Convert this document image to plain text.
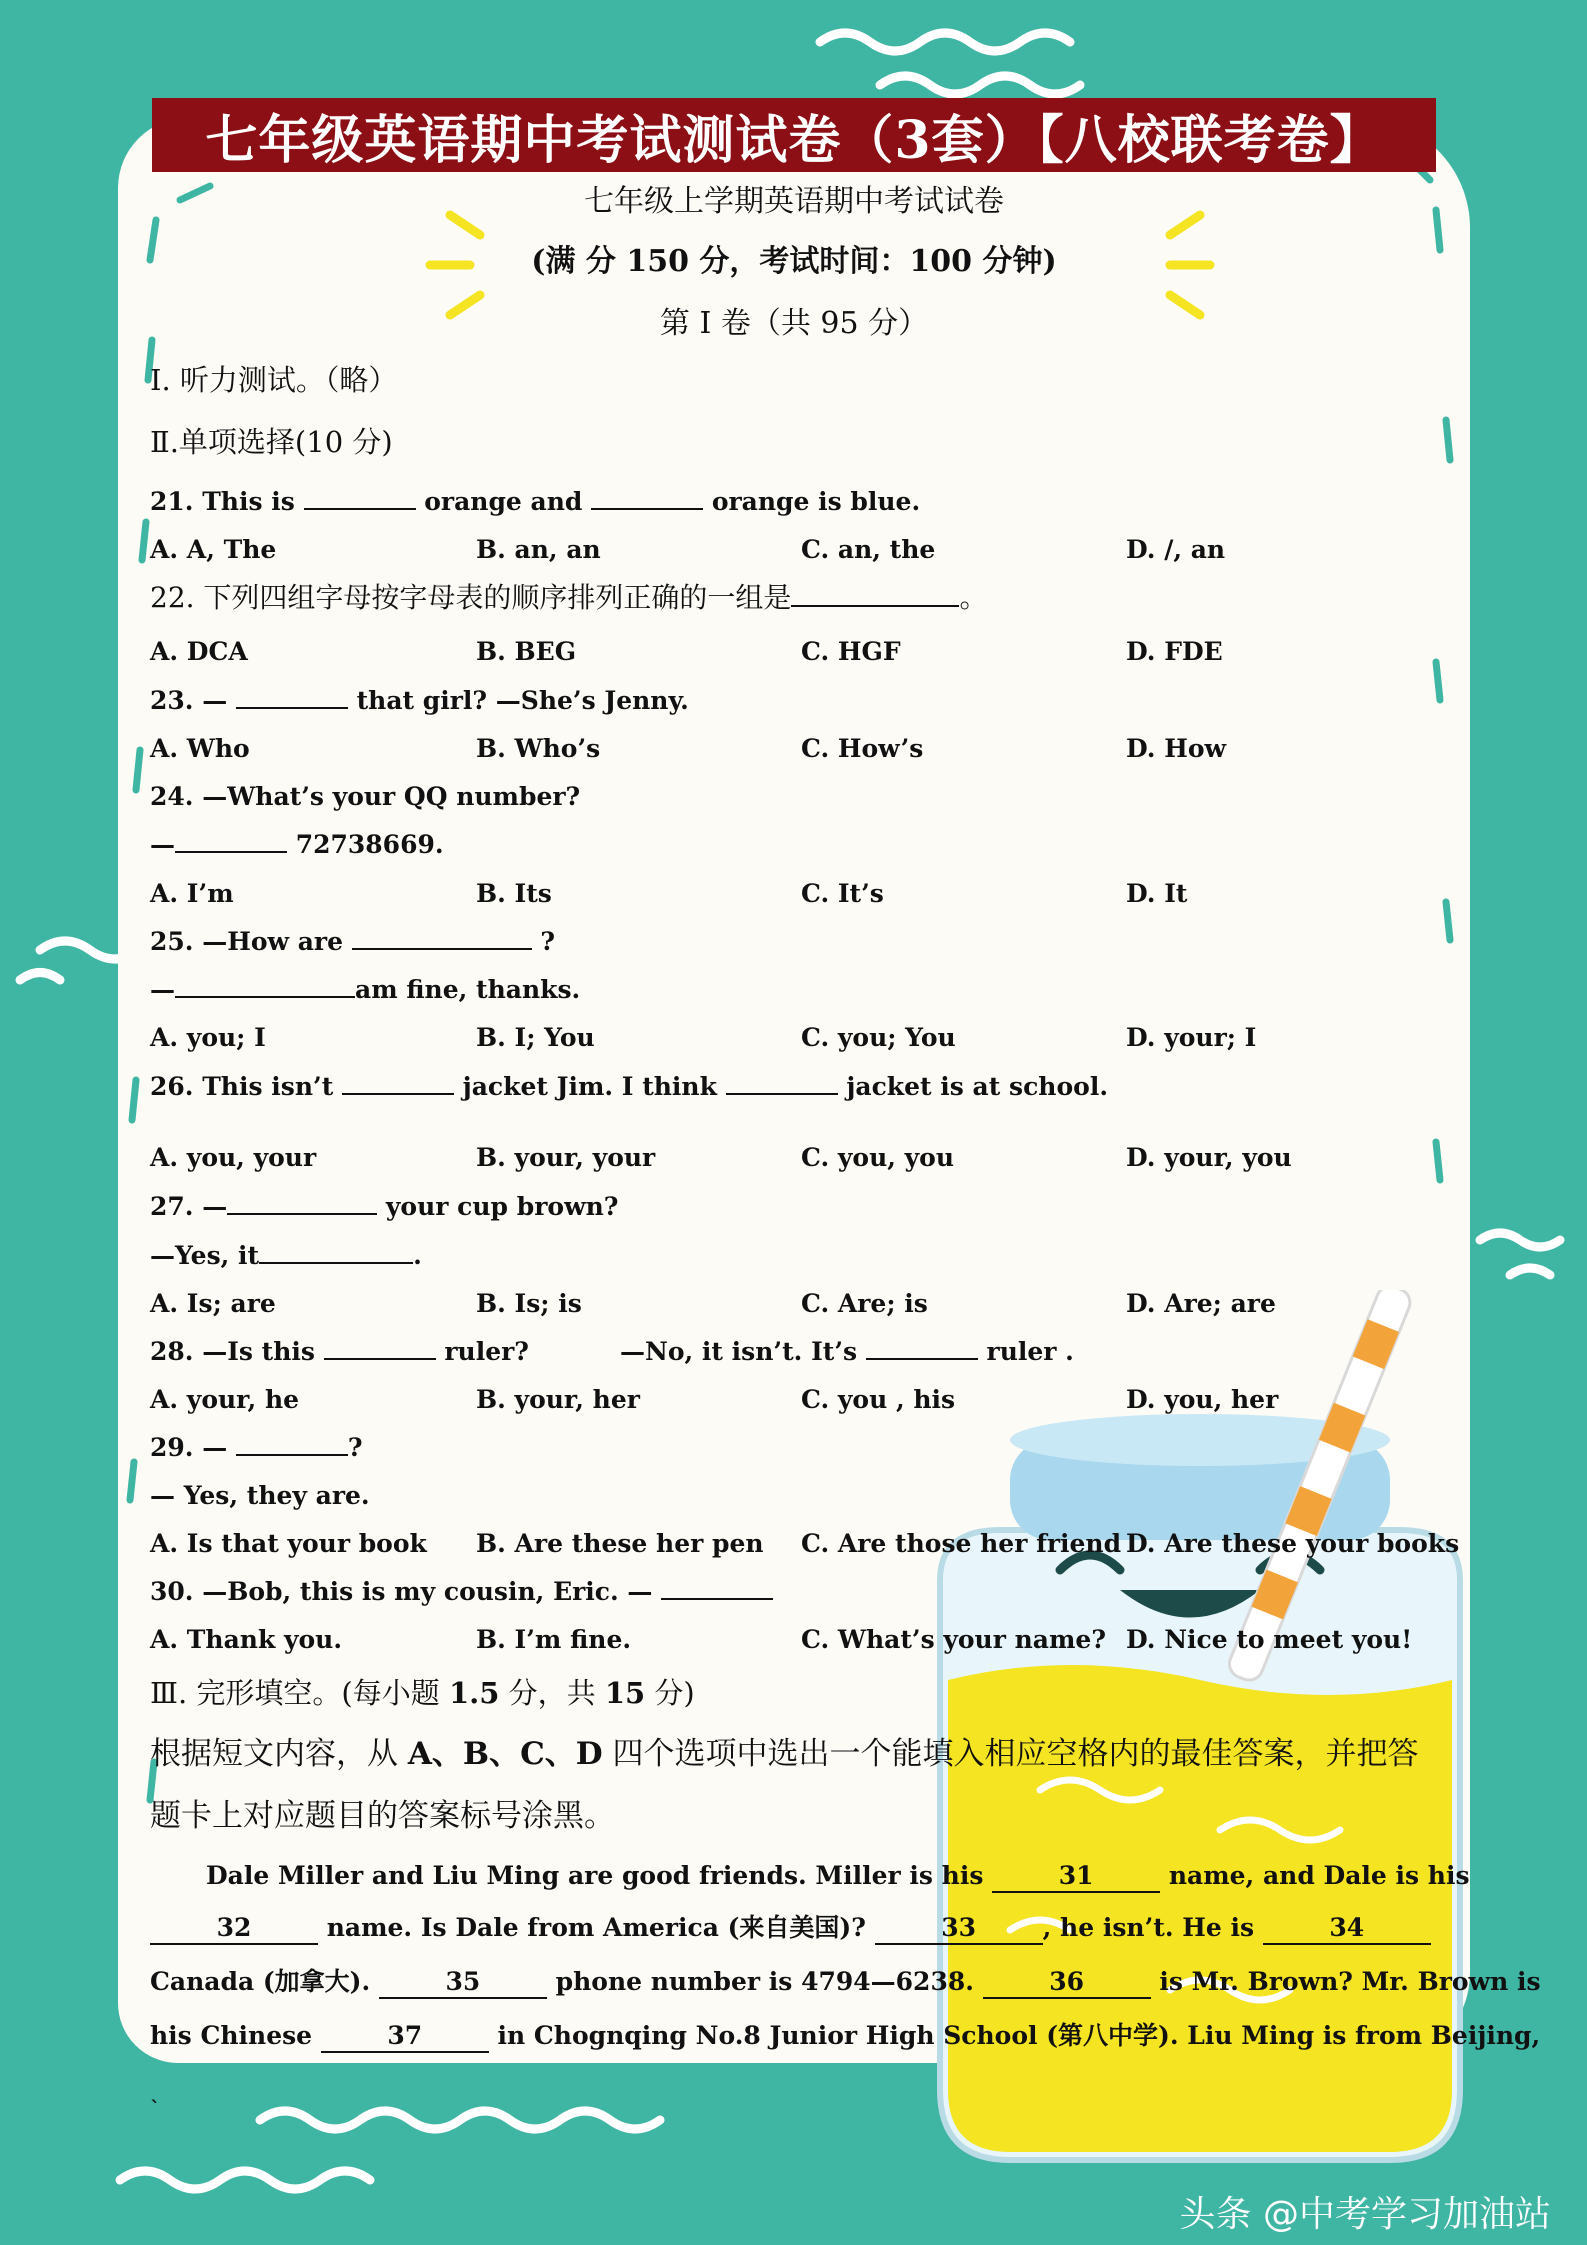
七年级英语期中考试测试卷（3套）【八校联考卷】
七年级上学期英语期中考试试卷
(满 分 150 分，考试时间：100 分钟)
第 I 卷（共 95 分）
I. 听力测试。（略）
Ⅱ.单项选择(10 分)
21. This is	orange and	orange is blue.
A. A, The	B. an, an	C. an, the	D. /, an
22. 下列四组字母按字母表的顺序排列正确的一组是	。
A. DCA	B. BEG	C. HGF	D. FDE
23. —	that girl? —She’s Jenny.
A. Who	B. Who’s	C. How’s	D. How
24. —What’s your QQ number?
—	72738669.
A. I’m	B. Its	C. It’s	D. It
25. —How are	?
—	am fine, thanks.
A. you; I	B. I; You	C. you; You	D. your; I
26. This isn’t	jacket Jim. I think	jacket is at school.
A. you, your	B. your, your	C. you, you	D. your, you
27. —	your cup brown?
—Yes, it	.
A. Is; are	B. Is; is	C. Are; is	D. Are; are
28. —Is this	ruler?	—No, it isn’t. It’s	ruler .
A. your, he	B. your, her	C. you , his	D. you, her
29. —	?
— Yes, they are.
A. Is that your book B. Are these her pen C. Are those her friend D. Are these your books
30. —Bob, this is my cousin, Eric. —
A. Thank you.	B. I’m fine.	C. What’s your name? D. Nice to meet you!
Ⅲ. 完形填空。(每小题 1.5 分，共 15 分)
根据短文内容，从 A、B、C、D 四个选项中选出一个能填入相应空格内的最佳答案，并把答
题卡上对应题目的答案标号涂黑。
Dale Miller and Liu Ming are good friends. Miller is his	31	name, and Dale is his
32	name. Is Dale from America (来自美国)?	33	, he isn’t. He is	34
Canada (加拿大).	35	phone number is 4794—6238.	36	is Mr. Brown? Mr. Brown is
his Chinese	37	in Chognqing No.8 Junior High School (第八中学). Liu Ming is from Beijing,
`
头条 @中考学习加油站
